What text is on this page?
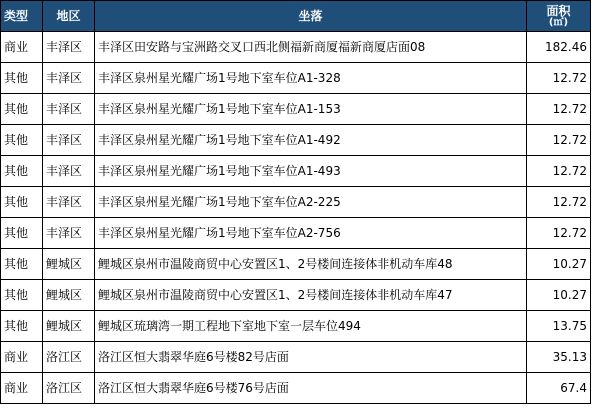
类型	地区	坐落	面积
(㎡)

商业	丰泽区	丰泽区田安路与宝洲路交叉口西北侧福新商厦福新商厦店面08	182.46
其他	丰泽区	丰泽区泉州星光耀广场1号地下室车位A1-328	12.72
其他	丰泽区	丰泽区泉州星光耀广场1号地下室车位A1-153	12.72
其他	丰泽区	丰泽区泉州星光耀广场1号地下室车位A1-492	12.72
其他	丰泽区	丰泽区泉州星光耀广场1号地下室车位A1-493	12.72
其他	丰泽区	丰泽区泉州星光耀广场1号地下室车位A2-225	12.72
其他	丰泽区	丰泽区泉州星光耀广场1号地下室车位A2-756	12.72
其他	鲤城区	鲤城区泉州市温陵商贸中心安置区1、2号楼间连接体非机动车库48	10.27
其他	鲤城区	鲤城区泉州市温陵商贸中心安置区1、2号楼间连接体非机动车库47	10.27
其他	鲤城区	鲤城区琉璃湾一期工程地下室地下室一层车位494	13.75
商业	洛江区	洛江区恒大翡翠华庭6号楼82号店面	35.13
商业	洛江区	洛江区恒大翡翠华庭6号楼76号店面	67.4
